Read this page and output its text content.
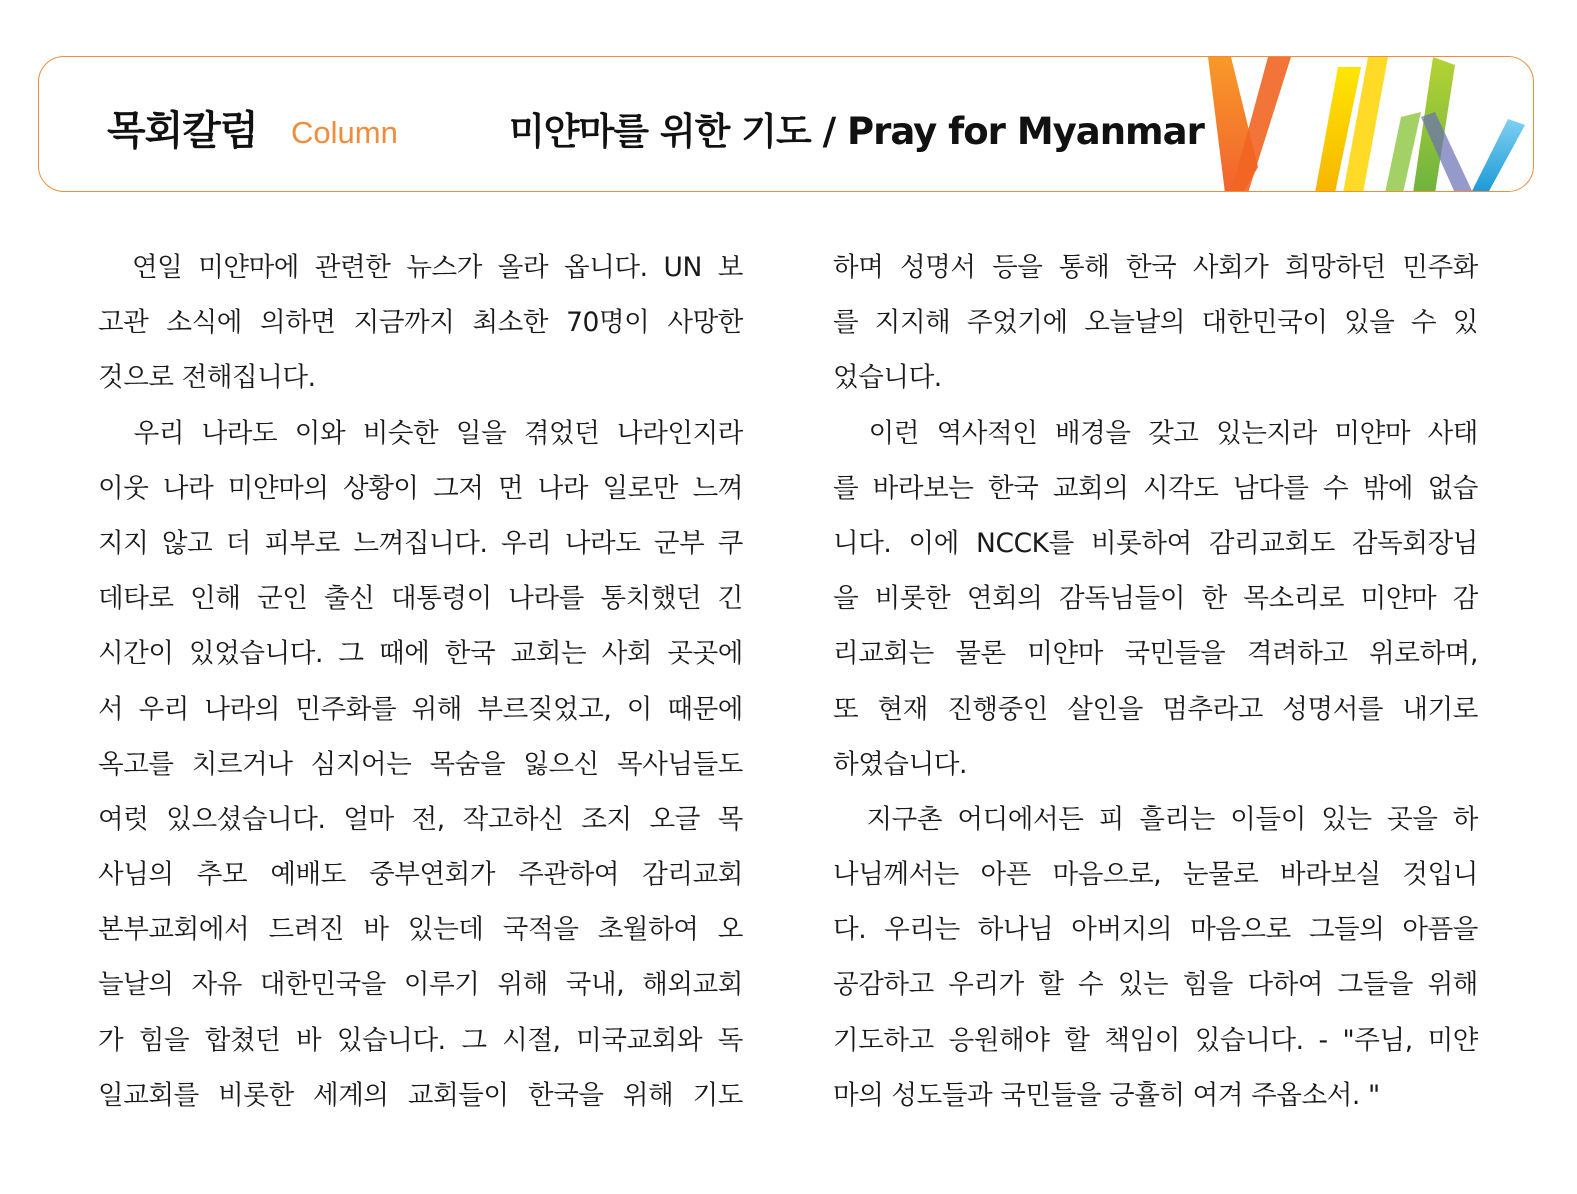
목회칼럼 Column	미얀마를 위한 기도 / Pray for Myanmar
　연일 미얀마에 관련한 뉴스가 올라 옵니다. UN 보
고관 소식에 의하면 지금까지 최소한 70명이 사망한
것으로 전해집니다.
　우리 나라도 이와 비슷한 일을 겪었던 나라인지라
이웃 나라 미얀마의 상황이 그저 먼 나라 일로만 느껴
지지 않고 더 피부로 느껴집니다. 우리 나라도 군부 쿠
데타로 인해 군인 출신 대통령이 나라를 통치했던 긴
시간이 있었습니다. 그 때에 한국 교회는 사회 곳곳에
서 우리 나라의 민주화를 위해 부르짖었고, 이 때문에
옥고를 치르거나 심지어는 목숨을 잃으신 목사님들도
여럿 있으셨습니다. 얼마 전, 작고하신 조지 오글 목
사님의 추모 예배도 중부연회가 주관하여 감리교회
본부교회에서 드려진 바 있는데 국적을 초월하여 오
늘날의 자유 대한민국을 이루기 위해 국내, 해외교회
가 힘을 합쳤던 바 있습니다. 그 시절, 미국교회와 독
일교회를 비롯한 세계의 교회들이 한국을 위해 기도
하며 성명서 등을 통해 한국 사회가 희망하던 민주화
를 지지해 주었기에 오늘날의 대한민국이 있을 수 있
었습니다.
　이런 역사적인 배경을 갖고 있는지라 미얀마 사태
를 바라보는 한국 교회의 시각도 남다를 수 밖에 없습
니다. 이에 NCCK를 비롯하여 감리교회도 감독회장님
을 비롯한 연회의 감독님들이 한 목소리로 미얀마 감
리교회는 물론 미얀마 국민들을 격려하고 위로하며,
또 현재 진행중인 살인을 멈추라고 성명서를 내기로
하였습니다.
　지구촌 어디에서든 피 흘리는 이들이 있는 곳을 하
나님께서는 아픈 마음으로, 눈물로 바라보실 것입니
다. 우리는 하나님 아버지의 마음으로 그들의 아픔을
공감하고 우리가 할 수 있는 힘을 다하여 그들을 위해
기도하고 응원해야 할 책임이 있습니다. - "주님, 미얀
마의 성도들과 국민들을 긍휼히 여겨 주옵소서. "
